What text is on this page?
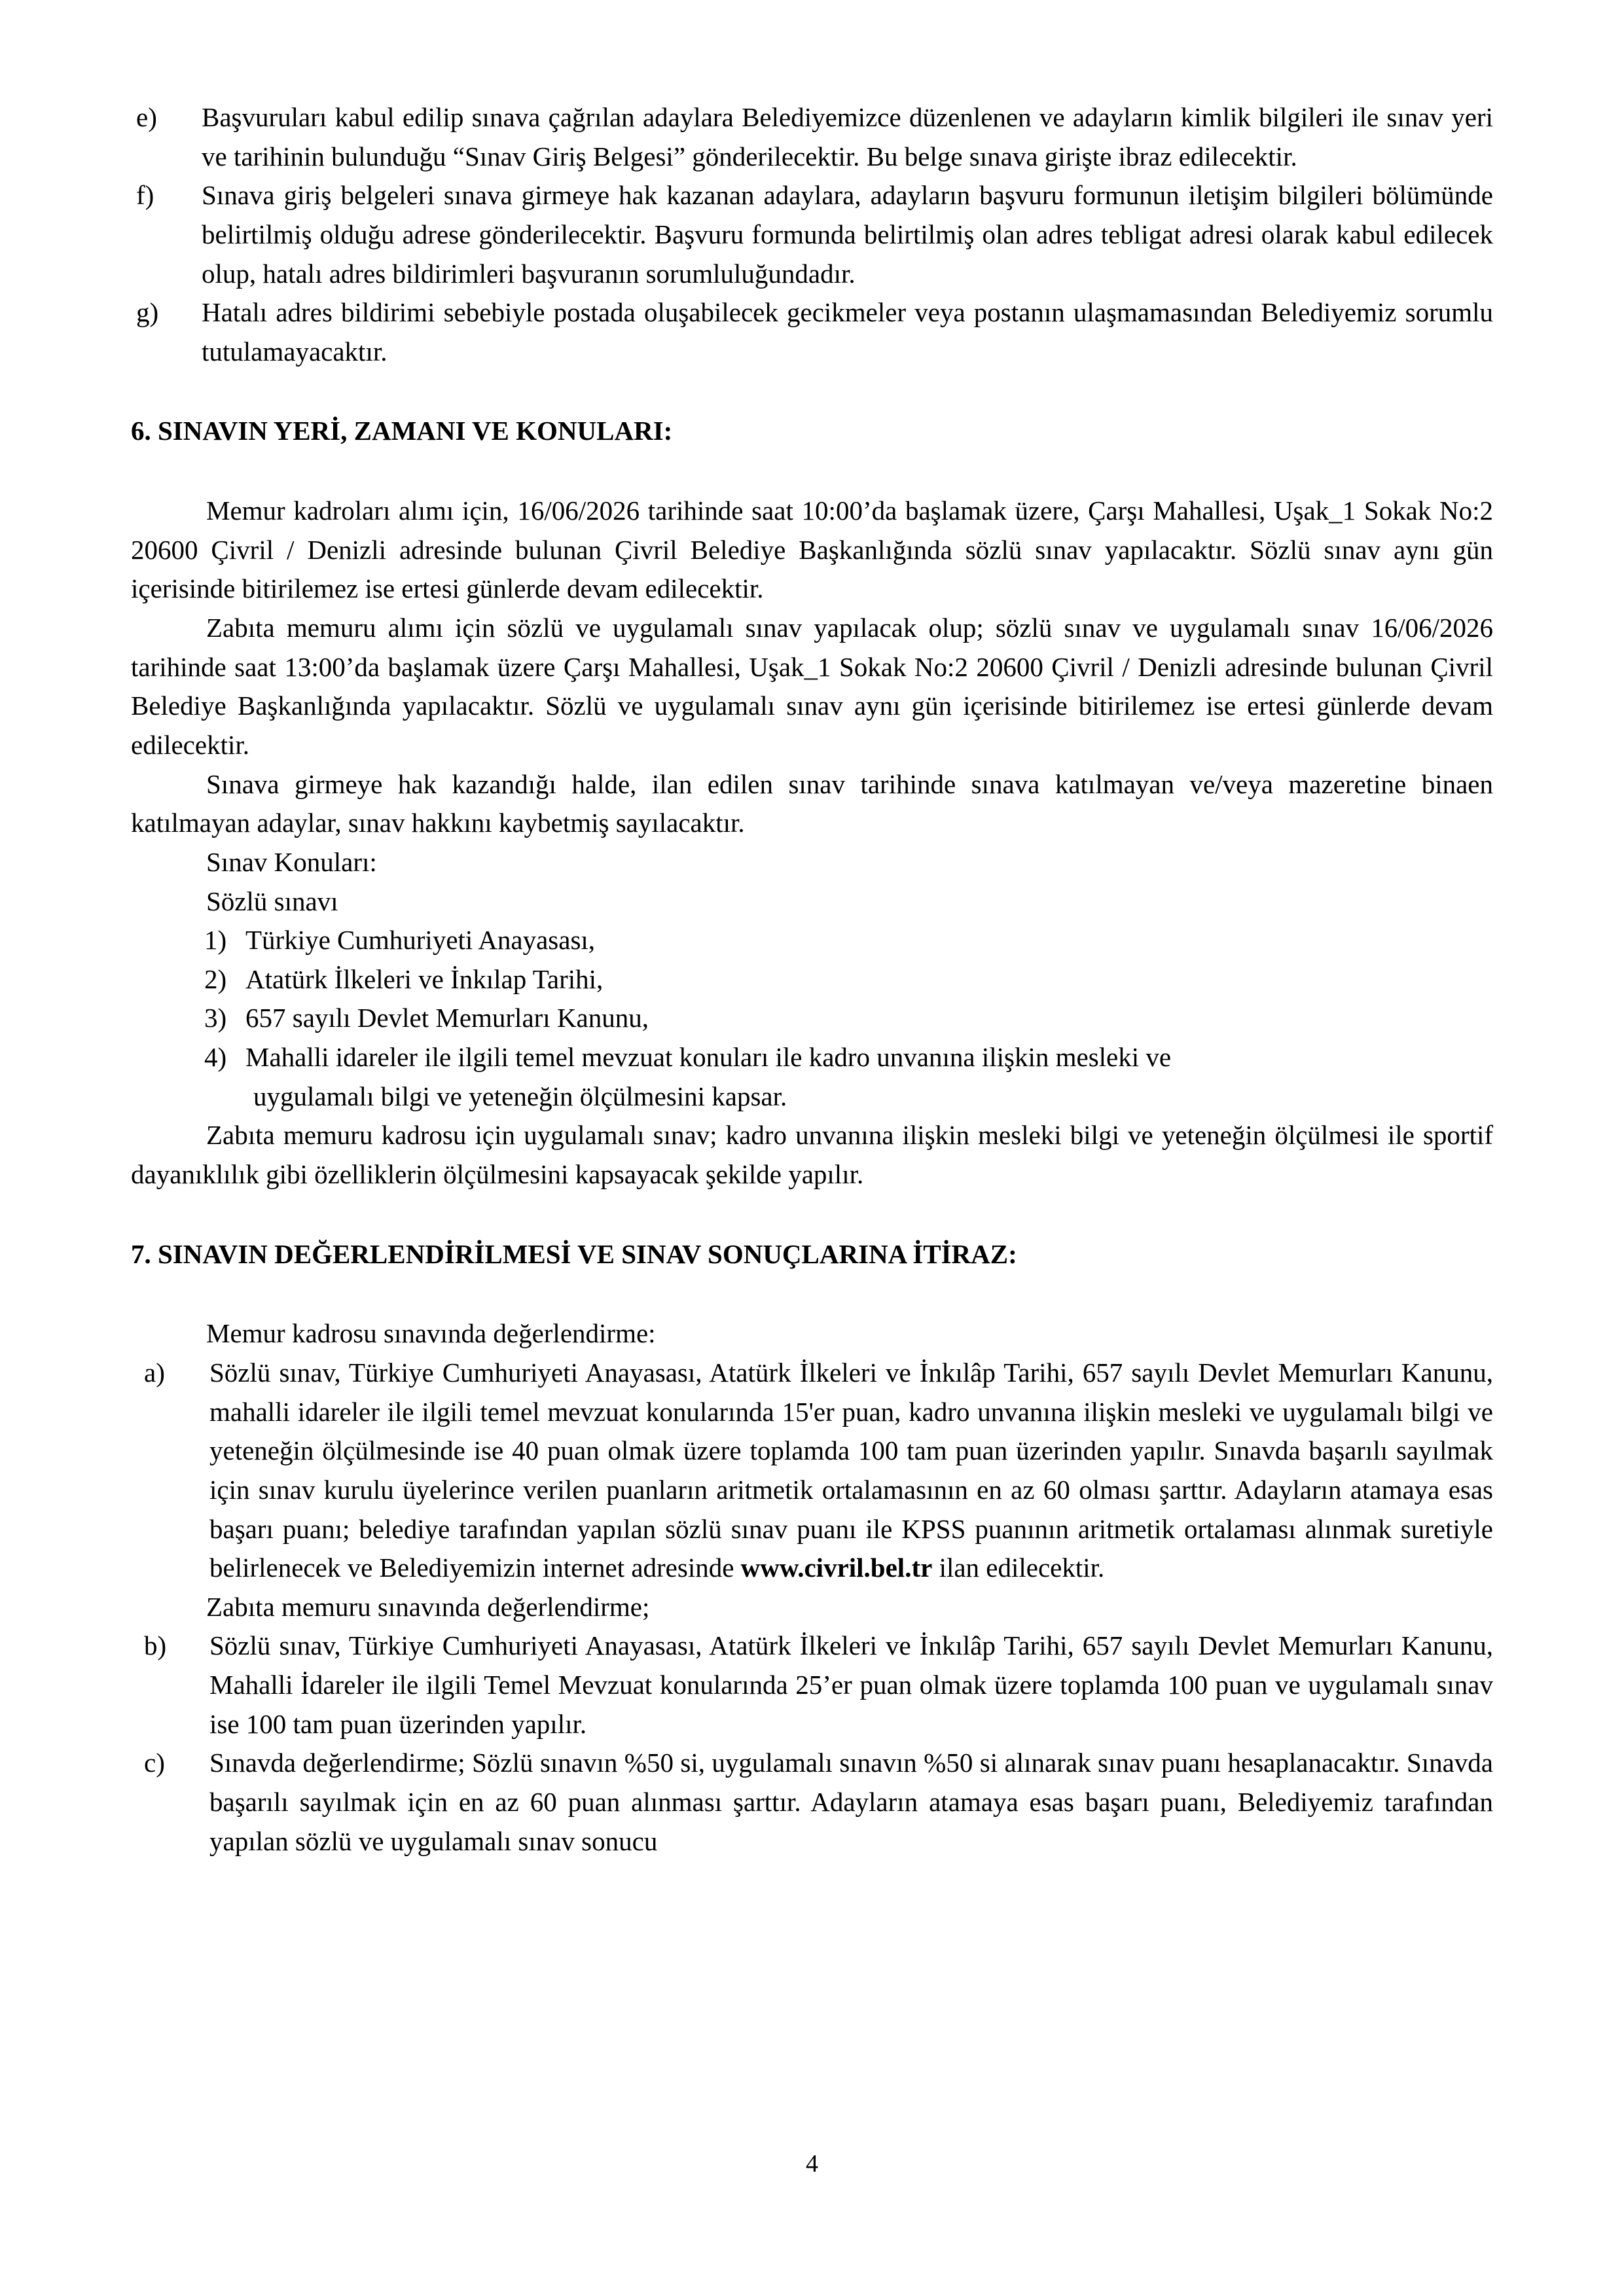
e)	Başvuruları kabul edilip sınava çağrılan adaylara Belediyemizce düzenlenen ve adayların kimlik bilgileri ile sınav yeri ve tarihinin bulunduğu “Sınav Giriş Belgesi” gönderilecektir. Bu belge sınava girişte ibraz edilecektir.
f)	Sınava giriş belgeleri sınava girmeye hak kazanan adaylara, adayların başvuru formunun iletişim bilgileri bölümünde belirtilmiş olduğu adrese gönderilecektir. Başvuru formunda belirtilmiş olan adres tebligat adresi olarak kabul edilecek olup, hatalı adres bildirimleri başvuranın sorumluluğundadır.
g)	Hatalı adres bildirimi sebebiyle postada oluşabilecek gecikmeler veya postanın ulaşmamasından Belediyemiz sorumlu tutulamayacaktır.
6. SINAVIN YERİ, ZAMANI VE KONULARI:

Memur kadroları alımı için, 16/06/2026 tarihinde saat 10:00’da başlamak üzere, Çarşı Mahallesi, Uşak_1 Sokak No:2 20600 Çivril / Denizli adresinde bulunan Çivril Belediye Başkanlığında sözlü sınav yapılacaktır. Sözlü sınav aynı gün içerisinde bitirilemez ise ertesi günlerde devam edilecektir.

Zabıta memuru alımı için sözlü ve uygulamalı sınav yapılacak olup; sözlü sınav ve uygulamalı sınav 16/06/2026 tarihinde saat 13:00’da başlamak üzere Çarşı Mahallesi, Uşak_1 Sokak No:2 20600 Çivril / Denizli adresinde bulunan Çivril Belediye Başkanlığında yapılacaktır. Sözlü ve uygulamalı sınav aynı gün içerisinde bitirilemez ise ertesi günlerde devam edilecektir.

Sınava girmeye hak kazandığı halde, ilan edilen sınav tarihinde sınava katılmayan ve/veya mazeretine binaen katılmayan adaylar, sınav hakkını kaybetmiş sayılacaktır.

Sınav Konuları:

Sözlü sınavı

1) Türkiye Cumhuriyeti Anayasası,
2) Atatürk İlkeleri ve İnkılap Tarihi,
3) 657 sayılı Devlet Memurları Kanunu,
4) Mahalli idareler ile ilgili temel mevzuat konuları ile kadro unvanına ilişkin mesleki ve
uygulamalı bilgi ve yeteneğin ölçülmesini kapsar.

Zabıta memuru kadrosu için uygulamalı sınav; kadro unvanına ilişkin mesleki bilgi ve yeteneğin ölçülmesi ile sportif dayanıklılık gibi özelliklerin ölçülmesini kapsayacak şekilde yapılır.

7. SINAVIN DEĞERLENDİRİLMESİ VE SINAV SONUÇLARINA İTİRAZ:

Memur kadrosu sınavında değerlendirme:

a)	Sözlü sınav, Türkiye Cumhuriyeti Anayasası, Atatürk İlkeleri ve İnkılâp Tarihi, 657 sayılı Devlet Memurları Kanunu, mahalli idareler ile ilgili temel mevzuat konularında 15'er puan, kadro unvanına ilişkin mesleki ve uygulamalı bilgi ve yeteneğin ölçülmesinde ise 40 puan olmak üzere toplamda 100 tam puan üzerinden yapılır. Sınavda başarılı sayılmak için sınav kurulu üyelerince verilen puanların aritmetik ortalamasının en az 60 olması şarttır. Adayların atamaya esas başarı puanı; belediye tarafından yapılan sözlü sınav puanı ile KPSS puanının aritmetik ortalaması alınmak suretiyle belirlenecek ve Belediyemizin internet adresinde www.civril.bel.tr ilan edilecektir.

Zabıta memuru sınavında değerlendirme;

b)	Sözlü sınav, Türkiye Cumhuriyeti Anayasası, Atatürk İlkeleri ve İnkılâp Tarihi, 657 sayılı Devlet Memurları Kanunu, Mahalli İdareler ile ilgili Temel Mevzuat konularında 25’er puan olmak üzere toplamda 100 puan ve uygulamalı sınav ise 100 tam puan üzerinden yapılır.
c)	Sınavda değerlendirme; Sözlü sınavın %50 si, uygulamalı sınavın %50 si alınarak sınav puanı hesaplanacaktır. Sınavda başarılı sayılmak için en az 60 puan alınması şarttır. Adayların atamaya esas başarı puanı, Belediyemiz tarafından yapılan sözlü ve uygulamalı sınav sonucu
4
